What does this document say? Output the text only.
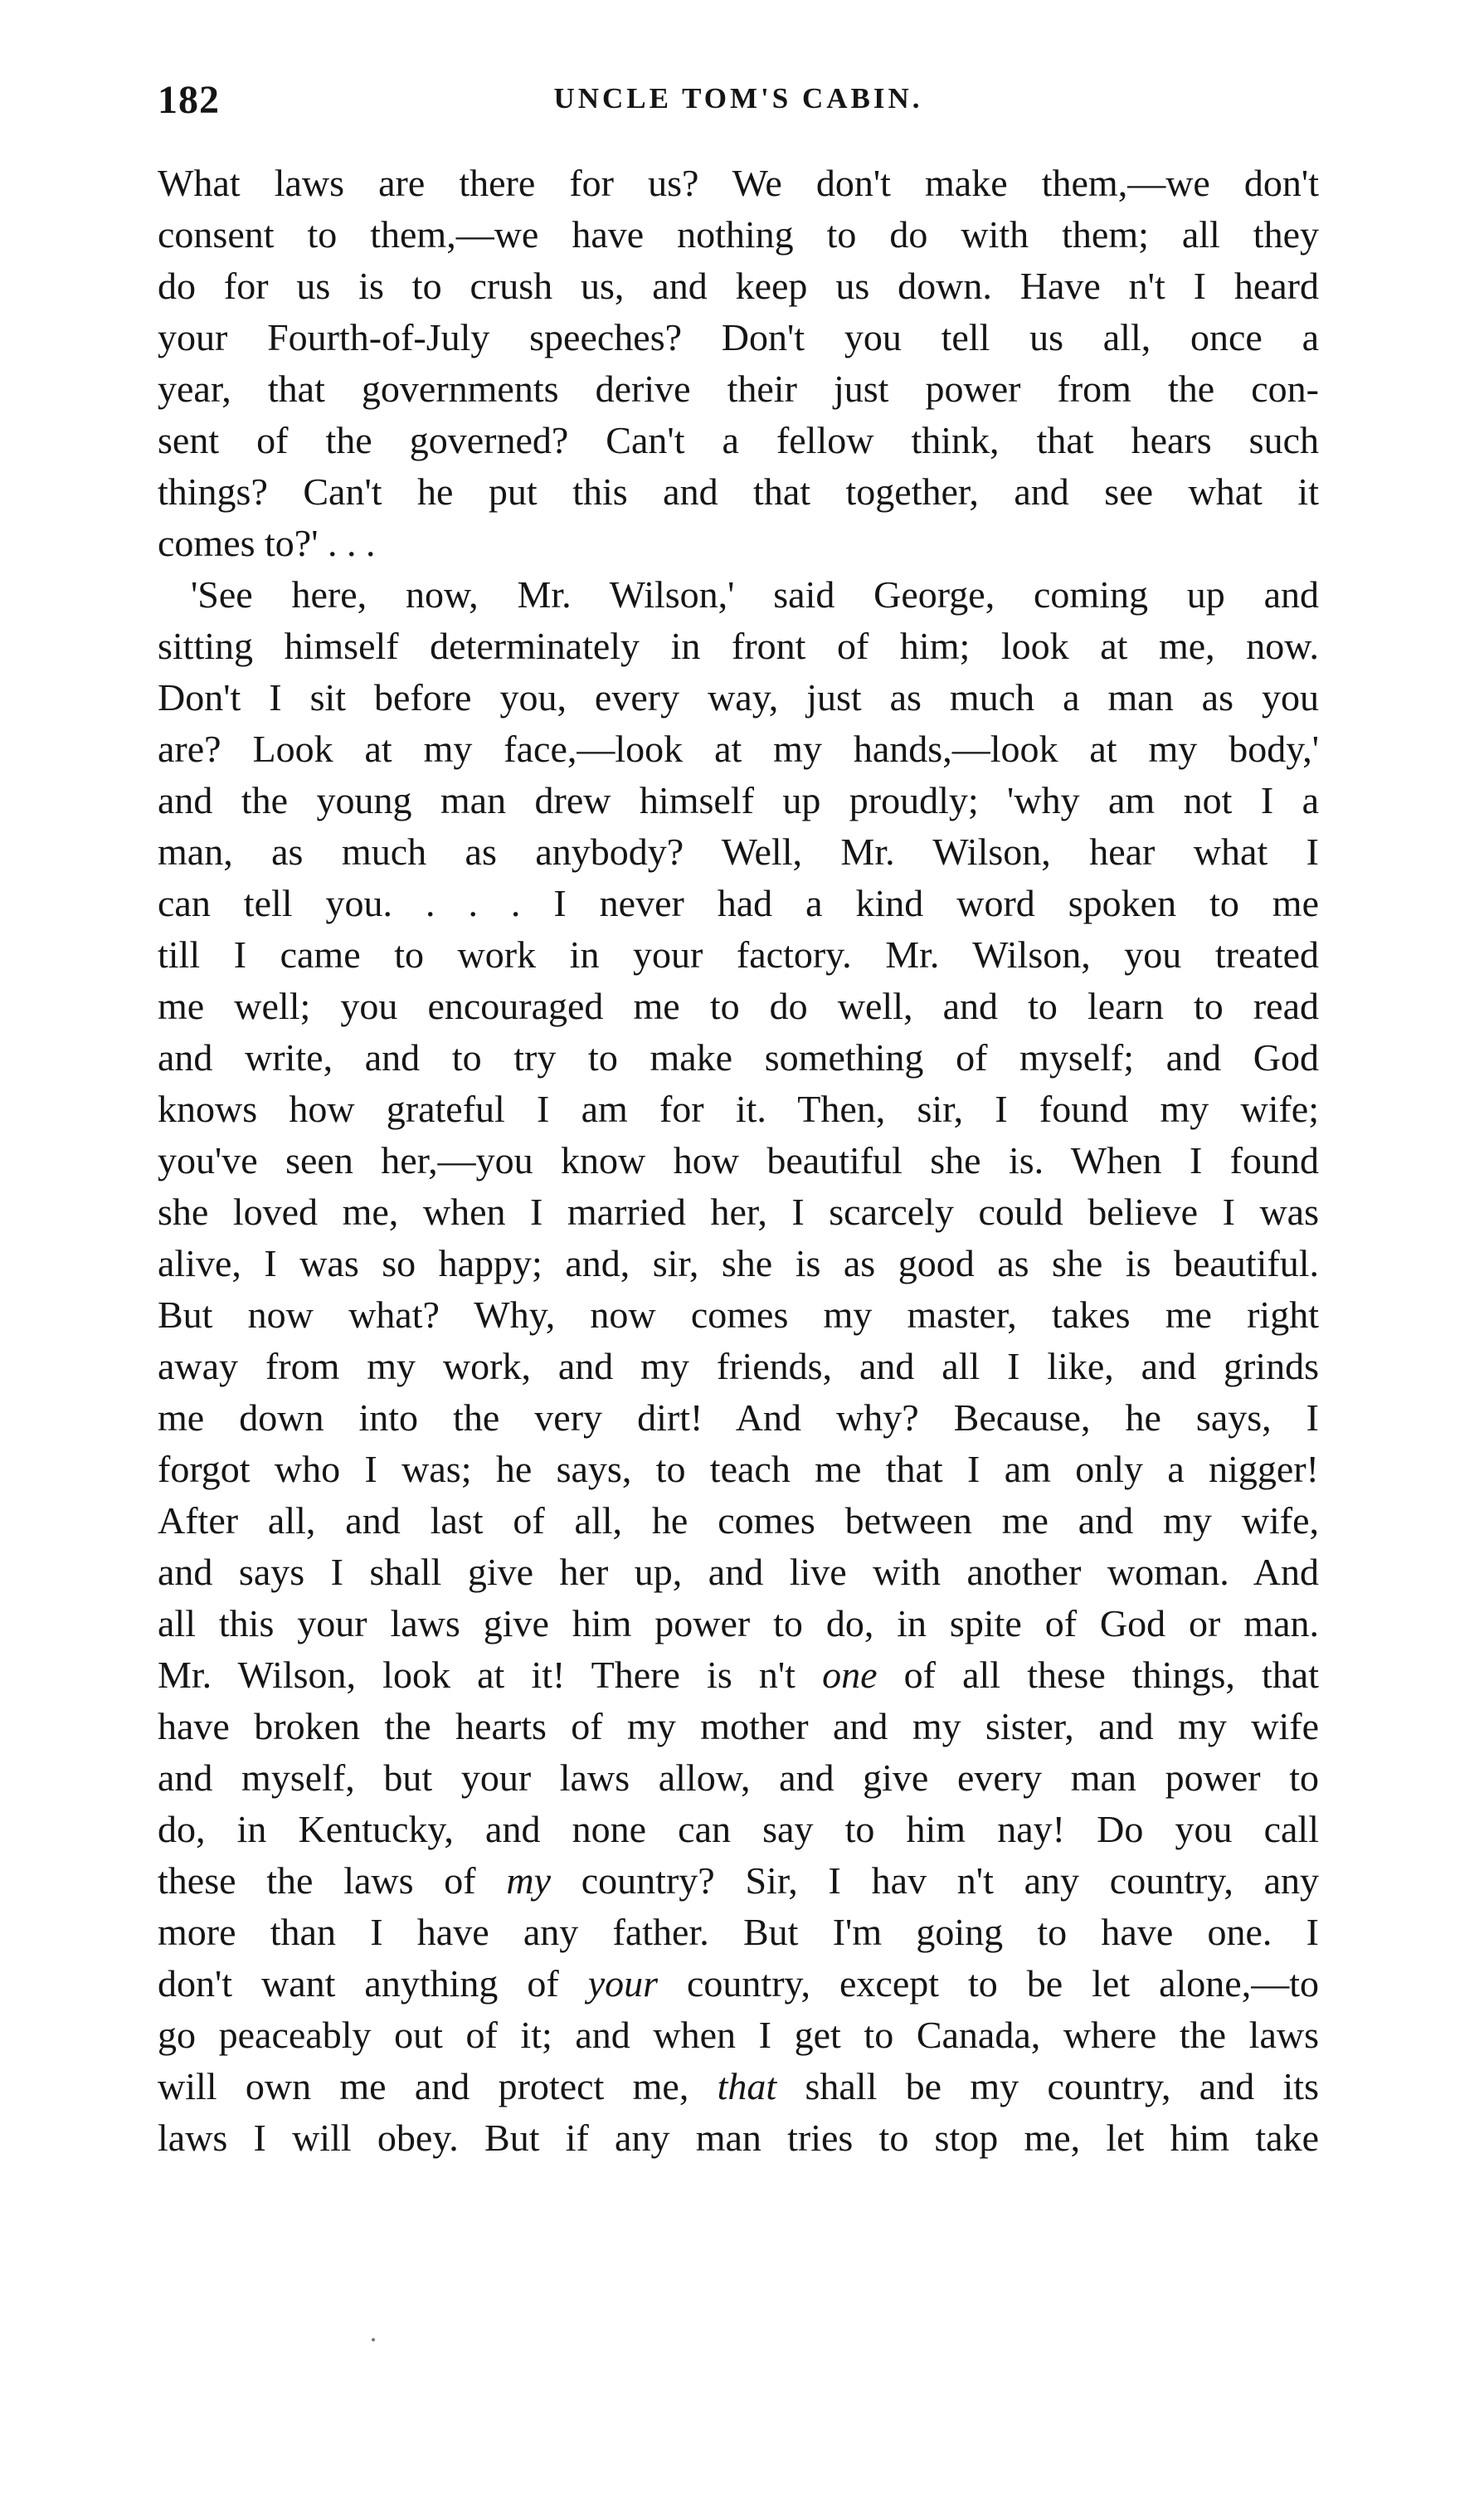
182	UNCLE TOM'S CABIN.
What laws are there for us? We don't make them,—we don't
consent to them,—we have nothing to do with them; all they
do for us is to crush us, and keep us down. Have n't I heard
your Fourth-of-July speeches? Don't you tell us all, once a
year, that governments derive their just power from the con-
sent of the governed? Can't a fellow think, that hears such
things? Can't he put this and that together, and see what it
comes to?' . . .
'See here, now, Mr. Wilson,' said George, coming up and
sitting himself determinately in front of him; look at me, now.
Don't I sit before you, every way, just as much a man as you
are? Look at my face,—look at my hands,—look at my body,'
and the young man drew himself up proudly; 'why am not I a
man, as much as anybody? Well, Mr. Wilson, hear what I
can tell you. . . . I never had a kind word spoken to me
till I came to work in your factory. Mr. Wilson, you treated
me well; you encouraged me to do well, and to learn to read
and write, and to try to make something of myself; and God
knows how grateful I am for it. Then, sir, I found my wife;
you've seen her,—you know how beautiful she is. When I found
she loved me, when I married her, I scarcely could believe I was
alive, I was so happy; and, sir, she is as good as she is beautiful.
But now what? Why, now comes my master, takes me right
away from my work, and my friends, and all I like, and grinds
me down into the very dirt! And why? Because, he says, I
forgot who I was; he says, to teach me that I am only a nigger!
After all, and last of all, he comes between me and my wife,
and says I shall give her up, and live with another woman. And
all this your laws give him power to do, in spite of God or man.
Mr. Wilson, look at it! There is n't one of all these things, that
have broken the hearts of my mother and my sister, and my wife
and myself, but your laws allow, and give every man power to
do, in Kentucky, and none can say to him nay! Do you call
these the laws of my country? Sir, I hav n't any country, any
more than I have any father. But I'm going to have one. I
don't want anything of your country, except to be let alone,—to
go peaceably out of it; and when I get to Canada, where the laws
will own me and protect me, that shall be my country, and its
laws I will obey. But if any man tries to stop me, let him take
